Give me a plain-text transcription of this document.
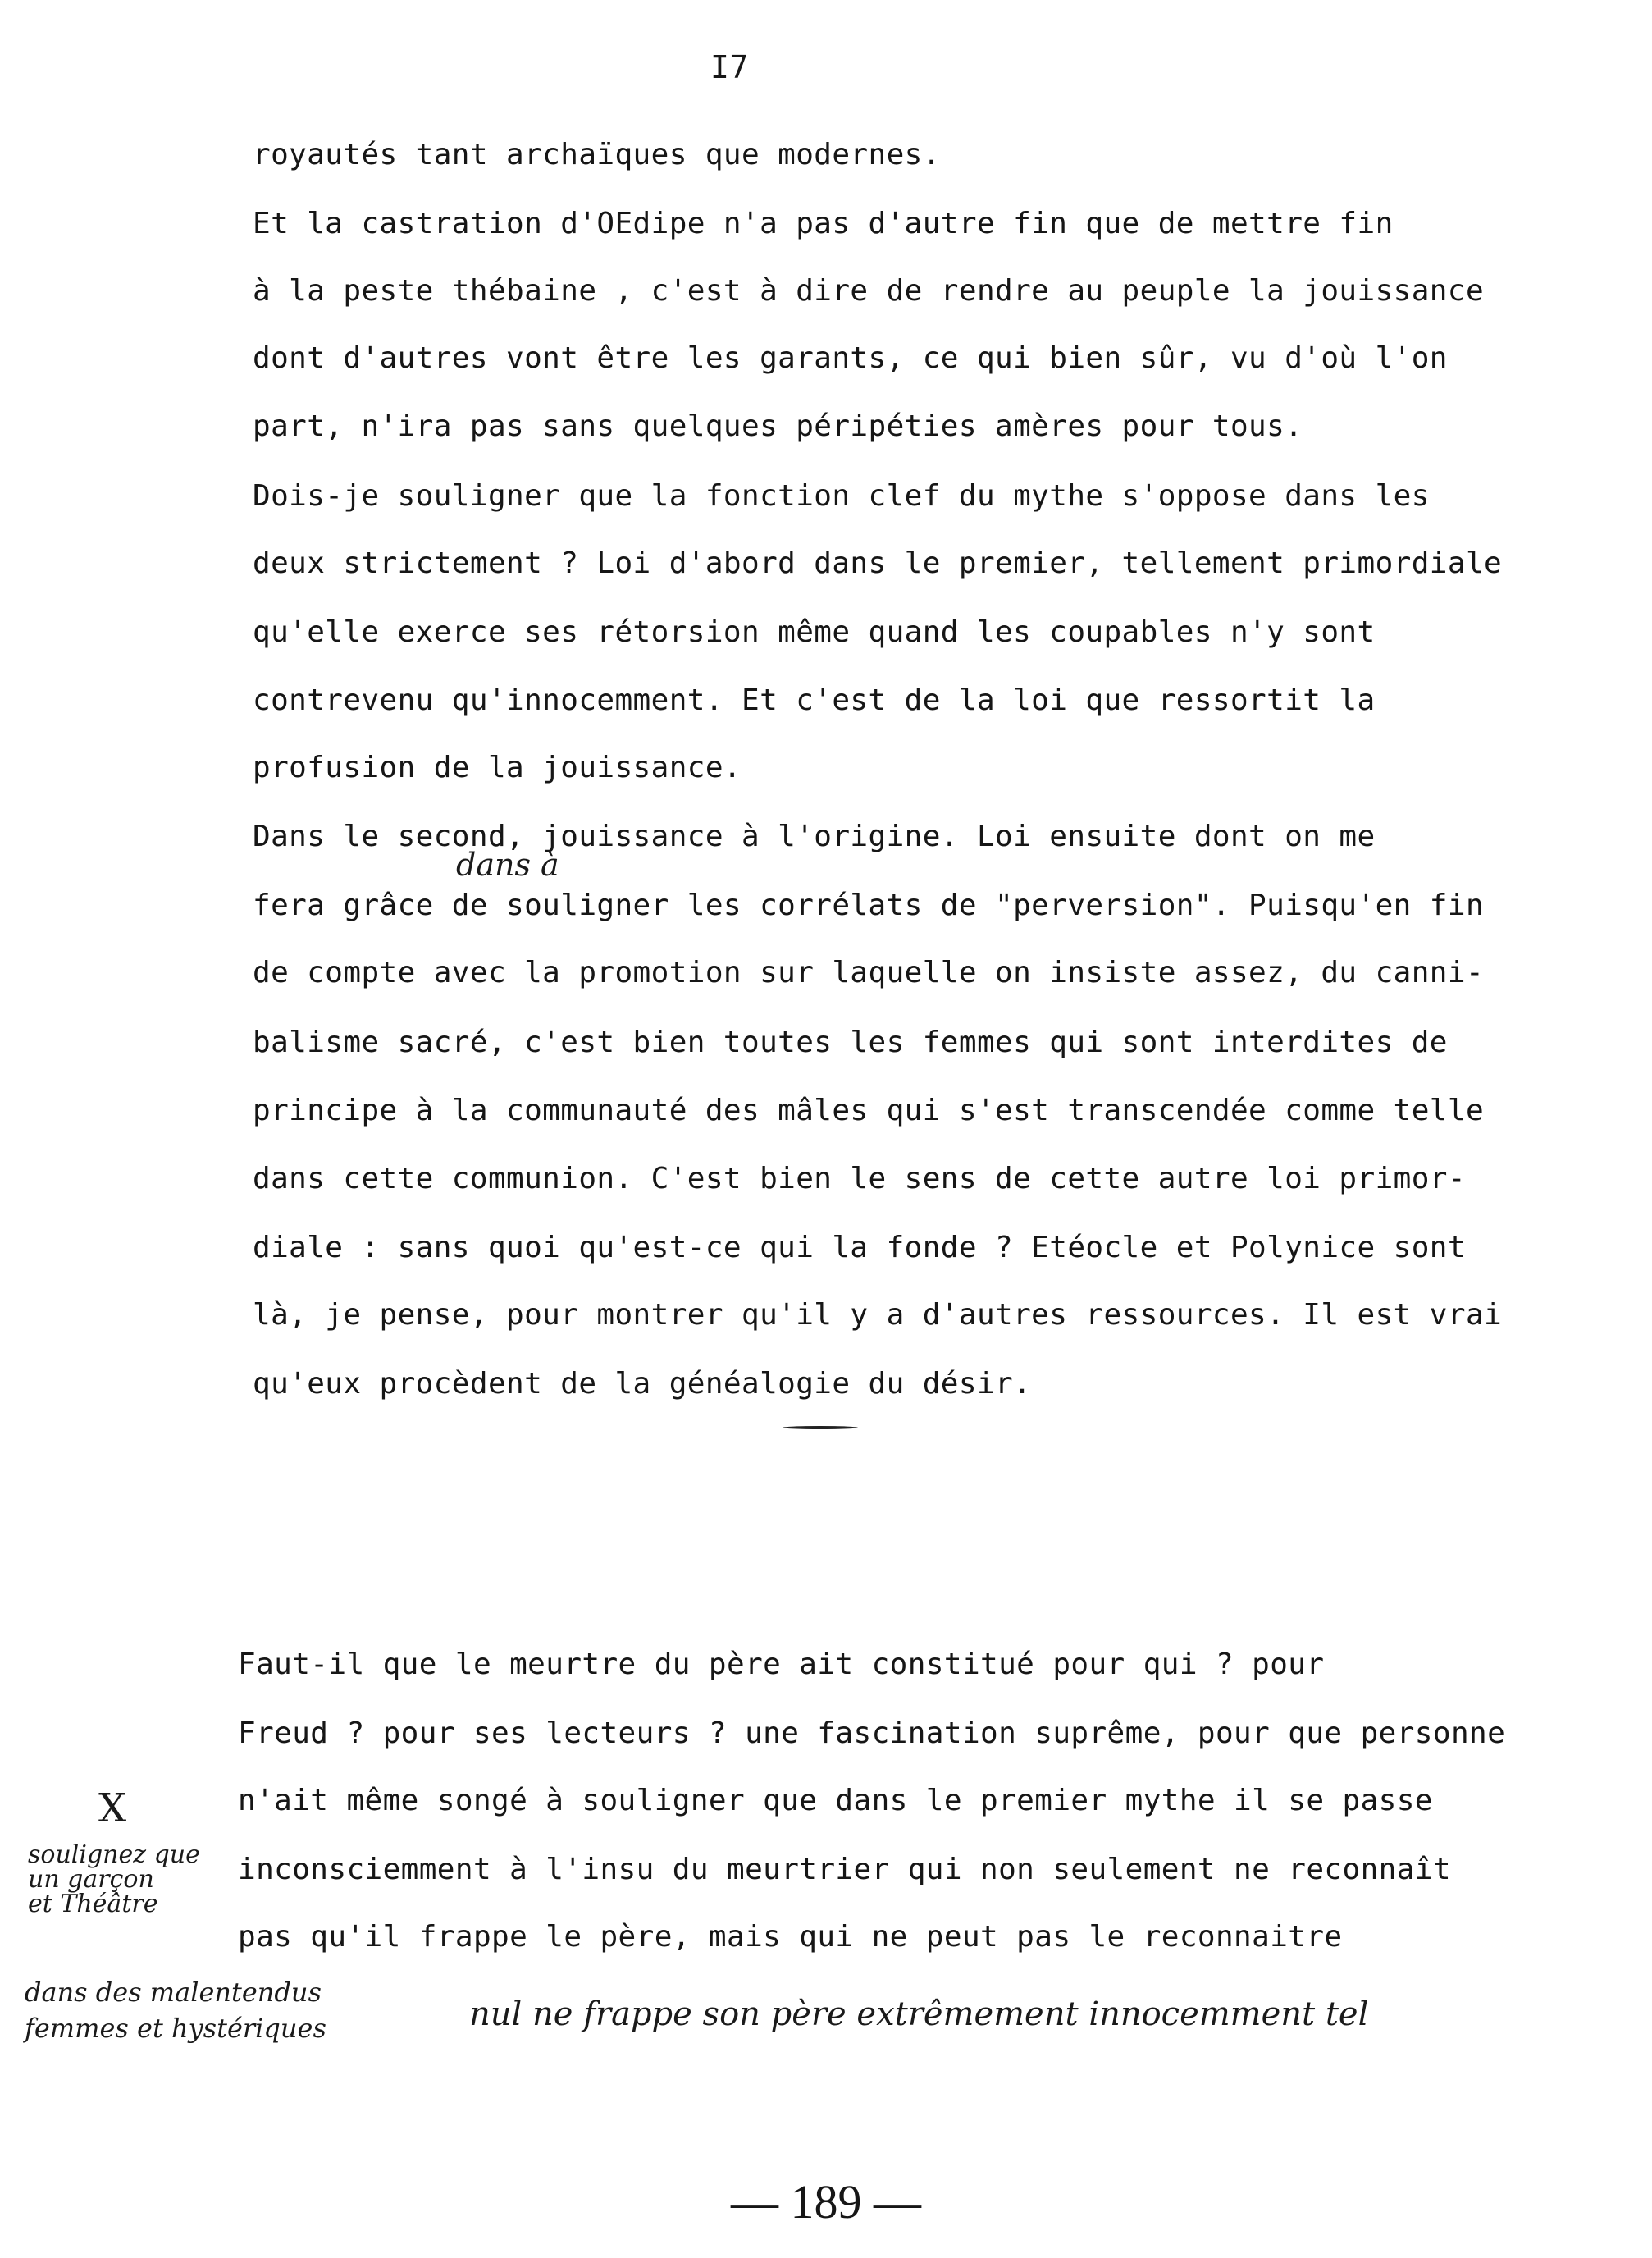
I7
royautés tant archaïques que modernes.
Et la castration d'OEdipe n'a pas d'autre fin que de mettre fin
à la peste thébaine , c'est à dire de rendre au peuple la jouissance
dont d'autres vont être les garants, ce qui bien sûr, vu d'où l'on
part, n'ira pas sans quelques péripéties amères pour tous.
Dois-je souligner que la fonction clef du mythe s'oppose dans les
deux strictement ? Loi d'abord dans le premier, tellement primordiale
qu'elle exerce ses rétorsion même quand les coupables n'y sont
contrevenu qu'innocemment. Et c'est de la loi que ressortit la
profusion de la jouissance.
Dans le second, jouissance à l'origine. Loi ensuite dont on me
fera grâce de souligner les corrélats de "perversion". Puisqu'en fin
de compte avec la promotion sur laquelle on insiste assez, du canni-
balisme sacré, c'est bien toutes les femmes qui sont interdites de
principe à la communauté des mâles qui s'est transcendée comme telle
dans cette communion. C'est bien le sens de cette autre loi primor-
diale : sans quoi qu'est-ce qui la fonde ? Etéocle et Polynice sont
là, je pense, pour montrer qu'il y a d'autres ressources. Il est vrai
qu'eux procèdent de la généalogie du désir.
dans à
Faut-il que le meurtre du père ait constitué pour qui ? pour
Freud ? pour ses lecteurs ? une fascination suprême, pour que personne
n'ait même songé à souligner que dans le premier mythe il se passe
inconsciemment à l'insu du meurtrier qui non seulement ne reconnaît
pas qu'il frappe le père, mais qui ne peut pas le reconnaitre
X
soulignez que
un garçon
et Théâtre
dans des malentendus
femmes et hystériques	nul ne frappe son père extrêmement innocemment tel
— 189 —
